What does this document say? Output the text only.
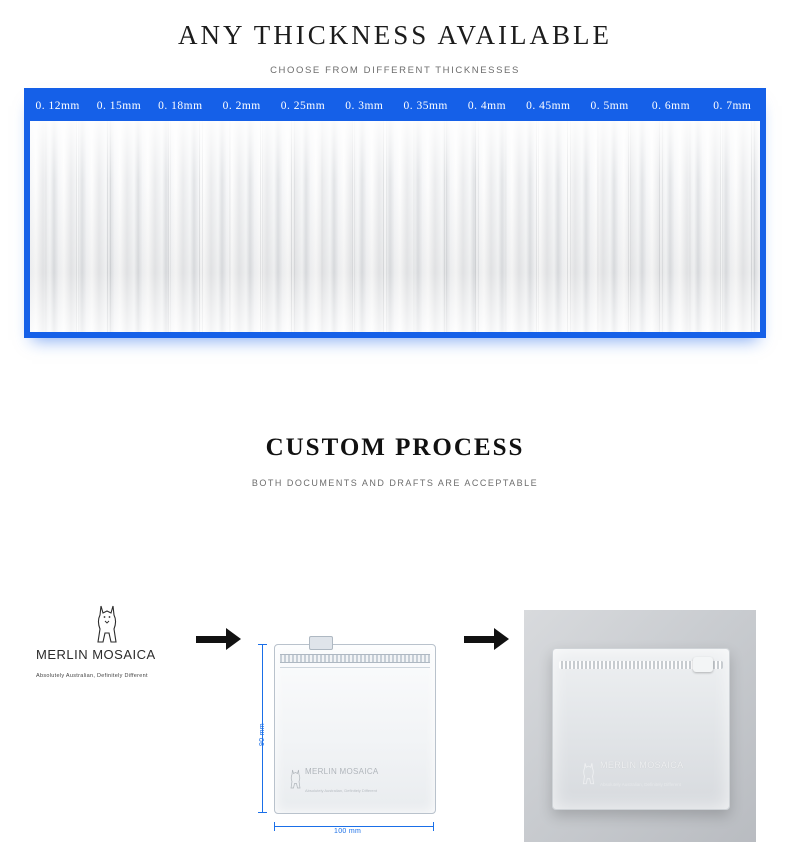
ANY THICKNESS AVAILABLE
CHOOSE FROM DIFFERENT THICKNESSES
0. 12mm	0. 15mm	0. 18mm	0. 2mm	0. 25mm	0. 3mm	0. 35mm	0. 4mm	0. 45mm	0. 5mm	0. 6mm	0. 7mm
CUSTOM PROCESS
BOTH DOCUMENTS AND DRAFTS ARE ACCEPTABLE
MERLIN MOSAICA Absolutely Australian, Definitely Different
MERLIN MOSAICA
Absolutely Australian, Definitely Different
90 mm
100 mm
MERLIN MOSAICA
Absolutely Australian, Definitely Different
